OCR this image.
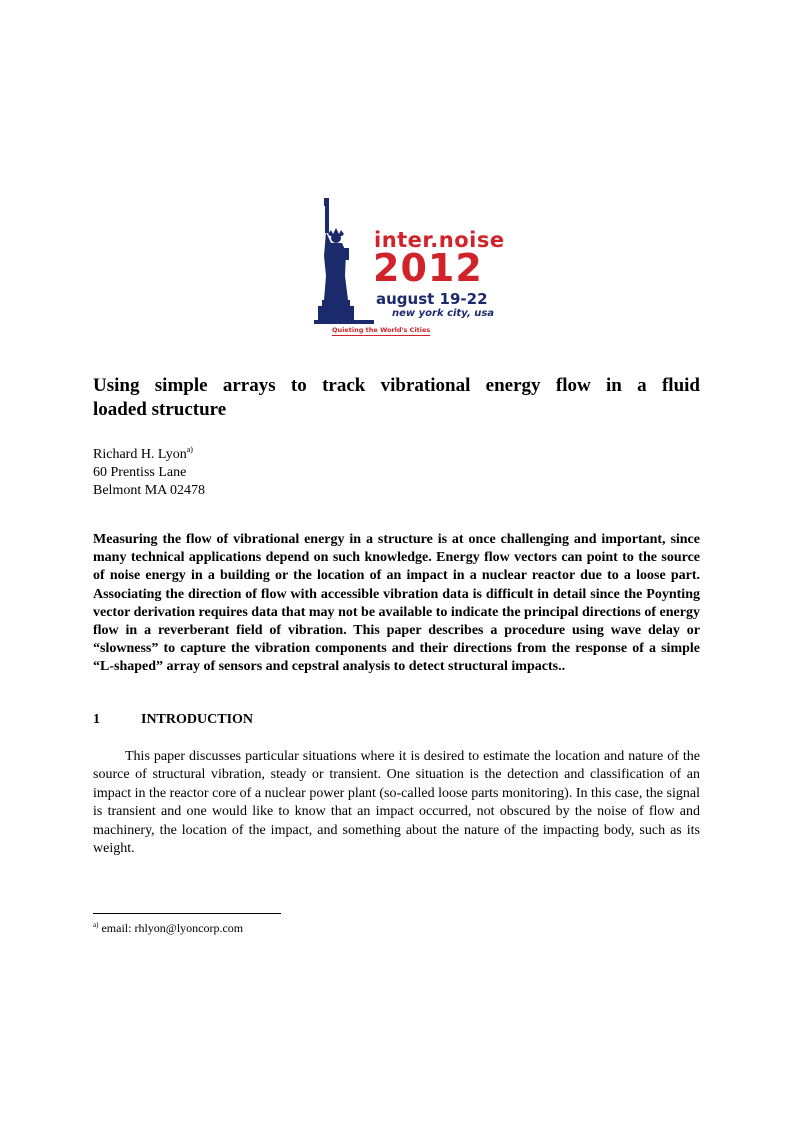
inter.noise
2012
august 19-22
new york city, usa
Quieting the World's Cities
Using simple arrays to track vibrational energy flow in a fluid
loaded structure
Richard H. Lyon$^{a)}$
60 Prentiss Lane
Belmont MA 02478

Measuring the flow of vibrational energy in a structure is at once challenging and important, since many technical applications depend on such knowledge. Energy flow vectors can point to the source of noise energy in a building or the location of an impact in a nuclear reactor due to a loose part. Associating the direction of flow with accessible vibration data is difficult in detail since the Poynting vector derivation requires data that may not be available to indicate the principal directions of energy flow in a reverberant field of vibration. This paper describes a procedure using wave delay or “slowness” to capture the vibration components and their directions from the response of a simple “L-shaped” array of sensors and cepstral analysis to detect structural impacts..

1	INTRODUCTION

This paper discusses particular situations where it is desired to estimate the location and nature of the source of structural vibration, steady or transient. One situation is the detection and classification of an impact in the reactor core of a nuclear power plant (so-called loose parts monitoring). In this case, the signal is transient and one would like to know that an impact occurred, not obscured by the noise of flow and machinery, the location of the impact, and something about the nature of the impacting body, such as its weight.

$^{a)}$ email: rhlyon@lyoncorp.com
